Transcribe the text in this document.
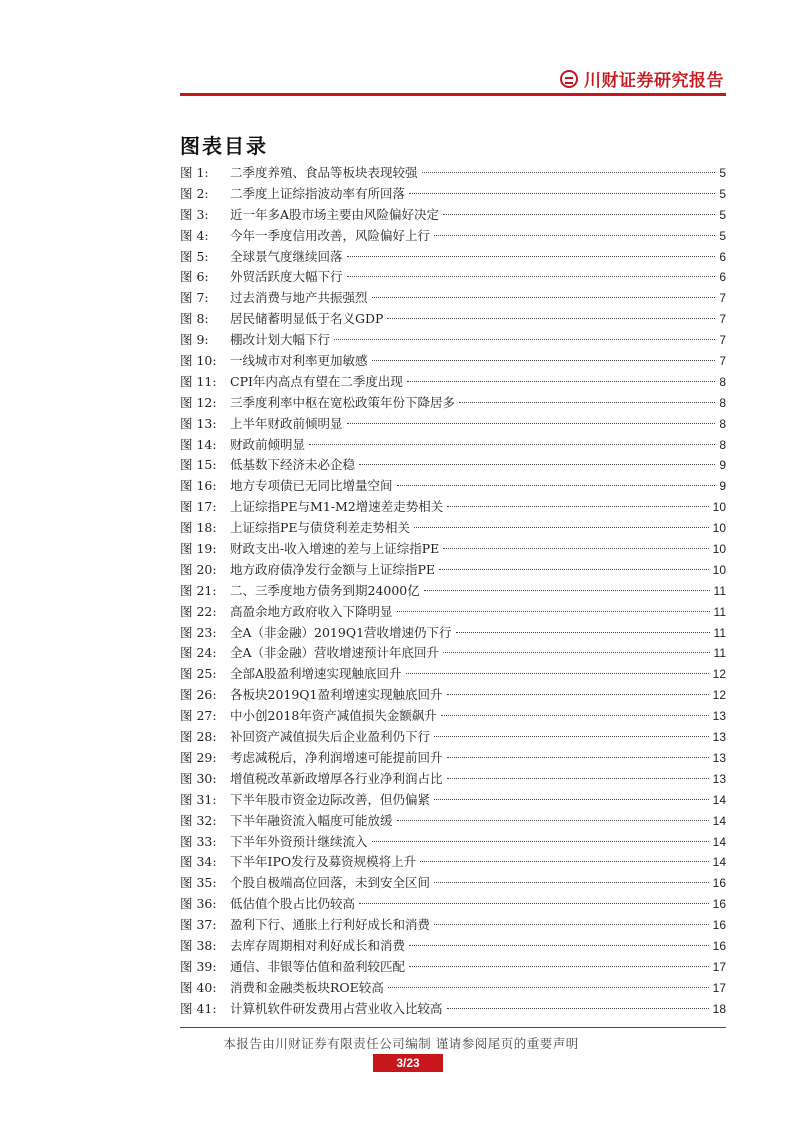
川财证券研究报告
图表目录
图 1:	二季度养殖、食品等板块表现较强	5
图 2:	二季度上证综指波动率有所回落	5
图 3:	近一年多A股市场主要由风险偏好决定	5
图 4:	今年一季度信用改善，风险偏好上行	5
图 5:	全球景气度继续回落	6
图 6:	外贸活跃度大幅下行	6
图 7:	过去消费与地产共振强烈	7
图 8:	居民储蓄明显低于名义GDP	7
图 9:	棚改计划大幅下行	7
图 10:	一线城市对利率更加敏感	7
图 11:	CPI年内高点有望在二季度出现	8
图 12:	三季度利率中枢在宽松政策年份下降居多	8
图 13:	上半年财政前倾明显	8
图 14:	财政前倾明显	8
图 15:	低基数下经济未必企稳	9
图 16:	地方专项债已无同比增量空间	9
图 17:	上证综指PE与M1-M2增速差走势相关	10
图 18:	上证综指PE与债贷利差走势相关	10
图 19:	财政支出-收入增速的差与上证综指PE	10
图 20:	地方政府债净发行金额与上证综指PE	10
图 21:	二、三季度地方债务到期24000亿	11
图 22:	高盈余地方政府收入下降明显	11
图 23:	全A（非金融）2019Q1营收增速仍下行	11
图 24:	全A（非金融）营收增速预计年底回升	11
图 25:	全部A股盈利增速实现触底回升	12
图 26:	各板块2019Q1盈利增速实现触底回升	12
图 27:	中小创2018年资产减值损失金额飙升	13
图 28:	补回资产减值损失后企业盈利仍下行	13
图 29:	考虑减税后，净利润增速可能提前回升	13
图 30:	增值税改革新政增厚各行业净利润占比	13
图 31:	下半年股市资金边际改善，但仍偏紧	14
图 32:	下半年融资流入幅度可能放缓	14
图 33:	下半年外资预计继续流入	14
图 34:	下半年IPO发行及募资规模将上升	14
图 35:	个股自极端高位回落，未到安全区间	16
图 36:	低估值个股占比仍较高	16
图 37:	盈利下行、通胀上行利好成长和消费	16
图 38:	去库存周期相对利好成长和消费	16
图 39:	通信、非银等估值和盈利较匹配	17
图 40:	消费和金融类板块ROE较高	17
图 41:	计算机软件研发费用占营业收入比较高	18
本报告由川财证券有限责任公司编制 谨请参阅尾页的重要声明
3/23
